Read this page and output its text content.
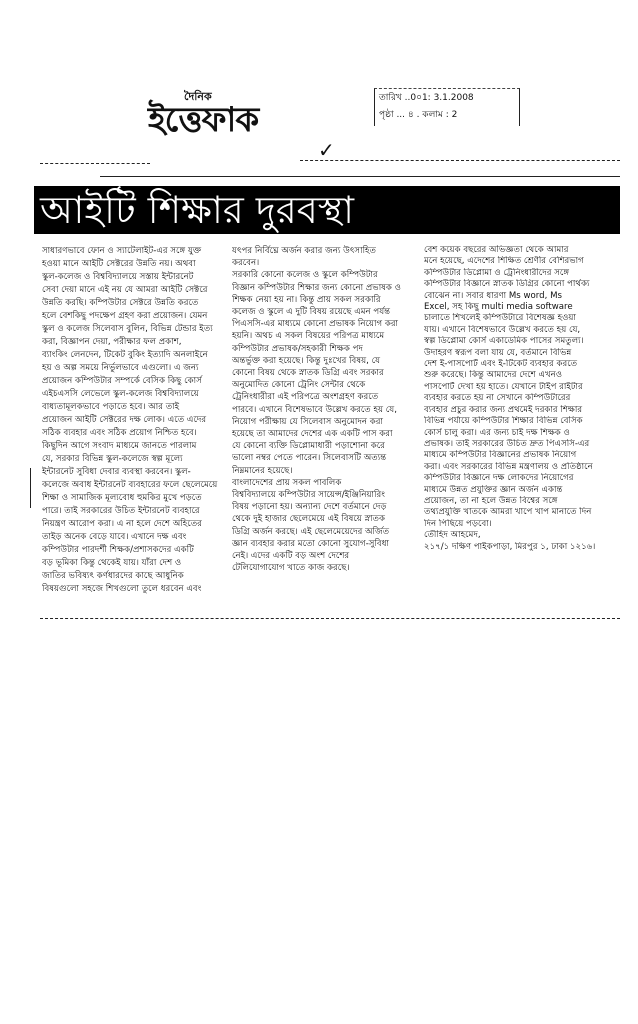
দৈনিক
ইত্তেফাক
তারিখ ..0০1: 3.1.2008
পৃষ্ঠা ... ৪ . কলাম : 2
✓
আইটি শিক্ষার দুরবস্থা
সাধারণভাবে ফোন ও স্যাটেলাইট-এর সঙ্গে যুক্ত
হওয়া মানে আইটি সেক্টরের উন্নতি নয়। অথবা
স্কুল-কলেজ ও বিশ্ববিদ্যালয়ে সস্তায় ইন্টারনেট
সেবা দেয়া মানে এই নয় যে আমরা আইটি সেক্টরে
উন্নতি করছি। কম্পিউটার সেক্টরে উন্নতি করতে
হলে বেশকিছু পদক্ষেপ গ্রহণ করা প্রয়োজন। যেমন
স্কুল ও কলেজ সিলেবাস বুলিন, বিভিন্ন টেন্ডার ইত্য
করা, বিজ্ঞাপন দেয়া, পরীক্ষার ফল প্রকাশ,
ব্যাংকিং লেনদেন, টিকেট বুকিং ইত্যাদি অনলাইনে
হয় ও অল্প সময়ে নির্ভুলভাবে এগুলো। এ জন্য
প্রয়োজন কম্পিউটার সম্পর্কে বেসিক কিছু কোর্স
এইচএসসি লেভেলে স্কুল-কলেজ বিশ্ববিদ্যালয়ে
বাধ্যতামূলকভাবে পড়াতে হবে। আর তাই
প্রয়োজন আইটি সেক্টরের দক্ষ লোক। এতে এদের
সঠিক ব্যবহার এবং সঠিক প্রয়োগ নিশ্চিত হবে।
কিছুদিন আগে সংবাদ মাধ্যমে জানতে পারলাম
যে, সরকার বিভিন্ন স্কুল-কলেজে স্বল্প মূল্যে
ইন্টারনেট সুবিধা দেবার ব্যবস্থা করবেন। স্কুল-
কলেজে অবাধ ইন্টারনেট ব্যবহারের ফলে ছেলেমেয়ে
শিক্ষা ও সামাজিক মূল্যবোধ হুমকির মুখে পড়তে
পারে। তাই সরকারের উচিত ইন্টারনেট ব্যবহারে
নিয়ন্ত্রণ আরোপ করা। এ না হলে দেশে অহিতের
তাইড় অনেক বেড়ে যাবে। এখানে দক্ষ এবং
কম্পিউটার পারদর্শী শিক্ষক/প্রশাসকদের একটি
বড় ভূমিকা কিন্তু থেকেই যায়। যাঁরা দেশ ও
জাতির ভবিষ্যৎ কর্ণধারদের কাছে আধুনিক
বিষয়গুলো সহজে শিখগুলো তুলে ধরবেন এবং
যৎপর নির্বিঘ্নে অর্জন করার জন্য উৎসাহিত
করবেন।
সরকারি কোনো কলেজ ও স্কুলে কম্পিউটার
বিজ্ঞান কম্পিউটার শিক্ষার জন্য কোনো প্রভাষক ও
শিক্ষক নেয়া হয় না। কিন্তু প্রায় সকল সরকারি
কলেজ ও স্কুলে এ দুটি বিষয় রয়েছে এমন পর্যন্ত
পিএসসি-এর মাধ্যমে কোনো প্রভাষক নিয়োগ করা
হয়নি। অথচ এ সকল বিষয়ের পরিপত্র মাধ্যমে
কম্পিউটার প্রভাষক/সহকারী শিক্ষক পদ
অন্তর্ভুক্ত করা হয়েছে। কিন্তু দুঃখের বিষয়, যে
কোনো বিষয় থেকে স্নাতক ডিগ্রি এবং সরকার
অনুমোদিত কোনো ট্রেনিং সেন্টার থেকে
ট্রেনিংধারীরা এই পরিপত্রে অংশগ্রহণ করতে
পারবে। এখানে বিশেষভাবে উল্লেখ করতে হয় যে,
নিয়োগ পরীক্ষায় যে সিলেবাস অনুমোদন করা
হয়েছে তা আমাদের দেশের এক একটি পাস করা
যে কোনো ব্যক্তি ডিপ্লোমাধারী পড়াশোনা করে
ভালো নম্বর পেতে পারেন। সিলেবাসটি অত্যন্ত
নিম্নমানের হয়েছে।
বাংলাদেশের প্রায় সকল পাবলিক
বিশ্ববিদ্যালয়ে কম্পিউটার সায়েন্স/ইঞ্জিনিয়ারিং
বিষয় পড়ানো হয়। অন্যান্য দেশে বর্তমানে দেড়
থেকে দুই হাজার ছেলেমেয়ে এই বিষয়ে স্নাতক
ডিগ্রি অর্জন করছে। এই ছেলেমেয়েদের অর্জিত
জ্ঞান ব্যবহার করার মতো কোনো সুযোগ-সুবিধা
নেই। এদের একটি বড় অংশ দেশের
টেলিযোগাযোগ খাতে কাজ করছে।
বেশ কয়েক বছরের অভিজ্ঞতা থেকে আমার
মনে হয়েছে, এদেশের শিক্ষিত শ্রেণীর বেশিরভাগ
কম্পিউটার ডিপ্লোমা ও ট্রেনিংধারীদের সঙ্গে
কম্পিউটার বিজ্ঞানে স্নাতক ডিগ্রির কোনো পার্থক্য
বোঝেন না। সবার ধারণা Ms word, Ms
Excel, সহ কিছু multi media software
চালাতে শিখলেই কম্পিউটারে বিশেষজ্ঞ হওয়া
যায়। এখানে বিশেষভাবে উল্লেখ করতে হয় যে,
স্বল্প ডিপ্লোমা কোর্স একাডেমিক পাসের সমতুল্য।
উদাহরণ স্বরূপ বলা যায় যে, বর্তমানে বিভিন্ন
দেশ ই-পাসপোর্ট এবং ই-টিকেট ব্যবহার করতে
শুরু করেছে। কিন্তু আমাদের দেশে এখনও
পাসপোর্ট দেখা হয় হাতে। যেখানে টাইপ রাইটার
ব্যবহার করতে হয় না সেখানে কম্পিউটারের
ব্যবহার প্রচুর করার জন্য প্রথমেই দরকার শিক্ষার
বিভিন্ন পর্যায়ে কম্পিউটার শিক্ষার বিভিন্ন বেসিক
কোর্স চালু করা। এর জন্য চাই দক্ষ শিক্ষক ও
প্রভাষক। তাই সরকারের উচিত দ্রুত পিএসসি-এর
মাধ্যমে কম্পিউটার বিজ্ঞানের প্রভাষক নিয়োগ
করা। এবং সরকারের বিভিন্ন মন্ত্রণালয় ও প্রতিষ্ঠানে
কম্পিউটার বিজ্ঞানে দক্ষ লোকদের নিয়োগের
মাধ্যমে উন্নত প্রযুক্তির জ্ঞান অর্জন একান্ত
প্রয়োজন, তা না হলে উন্নত বিশ্বের সঙ্গে
তথ্যপ্রযুক্তি খাতকে আমরা খাপে খাপ মানাতে দিন
দিন পিছিয়ে পড়বো।
তৌহিদ আহমেদ,
২১৭/১ দক্ষিণ পাইকপাড়া, মিরপুর ১, ঢাকা ১২১৬।
